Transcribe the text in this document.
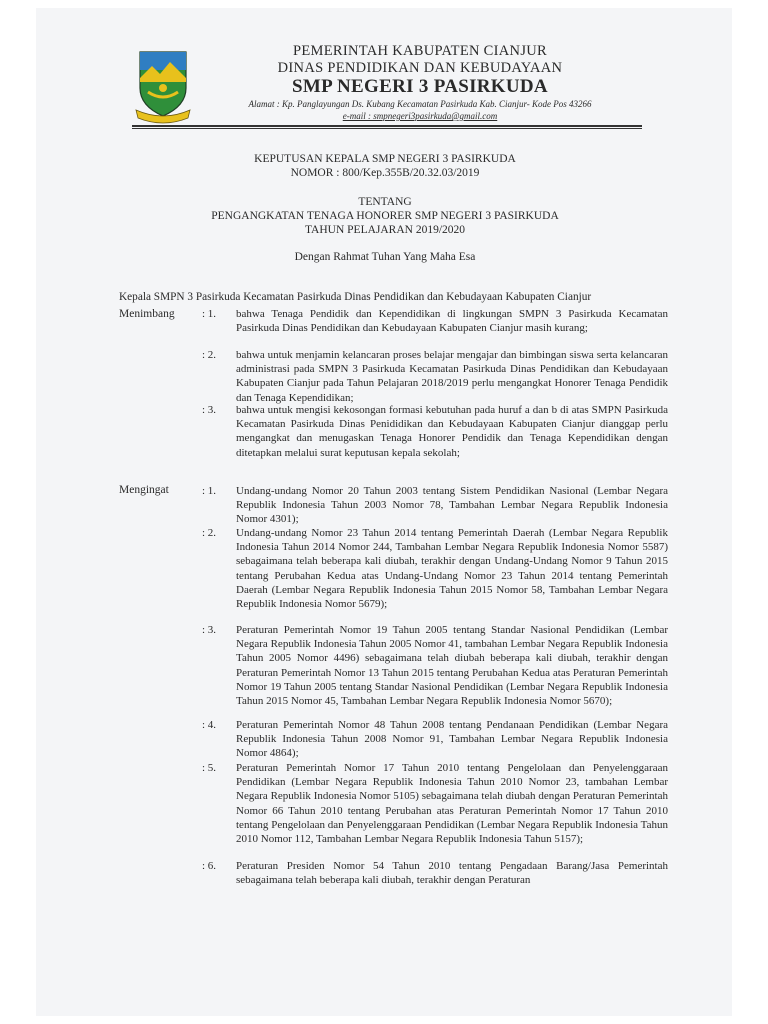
PEMERINTAH KABUPATEN CIANJUR
DINAS PENDIDIKAN DAN KEBUDAYAAN
SMP NEGERI 3 PASIRKUDA
Alamat : Kp. Panglayungan Ds. Kubang Kecamatan Pasirkuda Kab. Cianjur- Kode Pos 43266
e-mail : smpnegeri3pasirkuda@gmail.com
KEPUTUSAN KEPALA SMP NEGERI 3 PASIRKUDA
NOMOR : 800/Kep.355B/20.32.03/2019
TENTANG
PENGANGKATAN TENAGA HONORER SMP NEGERI 3 PASIRKUDA
TAHUN PELAJARAN 2019/2020
Dengan Rahmat Tuhan Yang Maha Esa
Kepala SMPN 3 Pasirkuda Kecamatan Pasirkuda Dinas Pendidikan dan Kebudayaan Kabupaten Cianjur
Menimbang : 1. bahwa Tenaga Pendidik dan Kependidikan di lingkungan SMPN 3 Pasirkuda Kecamatan Pasirkuda Dinas Pendidikan dan Kebudayaan Kabupaten Cianjur masih kurang;

: 2. bahwa untuk menjamin kelancaran proses belajar mengajar dan bimbingan siswa serta kelancaran administrasi pada SMPN 3 Pasirkuda Kecamatan Pasirkuda Dinas Pendidikan dan Kebudayaan Kabupaten Cianjur pada Tahun Pelajaran 2018/2019 perlu mengangkat Honorer Tenaga Pendidik dan Tenaga Kependidikan;

: 3. bahwa untuk mengisi kekosongan formasi kebutuhan pada huruf a dan b di atas SMPN Pasirkuda Kecamatan Pasirkuda Dinas Penididikan dan Kebudayaan Kabupaten Cianjur dianggap perlu mengangkat dan menugaskan Tenaga Honorer Pendidik dan Tenaga Kependidikan dengan ditetapkan melalui surat keputusan kepala sekolah;

Mengingat	: 1. Undang-undang Nomor 20 Tahun 2003 tentang Sistem Pendidikan Nasional (Lembar Negara Republik Indonesia Tahun 2003 Nomor 78, Tambahan Lembar Negara Republik Indonesia Nomor 4301);

: 2. Undang-undang Nomor 23 Tahun 2014 tentang Pemerintah Daerah (Lembar Negara Republik Indonesia Tahun 2014 Nomor 244, Tambahan Lembar Negara Republik Indonesia Nomor 5587) sebagaimana telah beberapa kali diubah, terakhir dengan Undang-Undang Nomor 9 Tahun 2015 tentang Perubahan Kedua atas Undang-Undang Nomor 23 Tahun 2014 tentang Pemerintah Daerah (Lembar Negara Republik Indonesia Tahun 2015 Nomor 58, Tambahan Lembar Negara Republik Indonesia Nomor 5679);

: 3. Peraturan Pemerintah Nomor 19 Tahun 2005 tentang Standar Nasional Pendidikan (Lembar Negara Republik Indonesia Tahun 2005 Nomor 41, tambahan Lembar Negara Republik Indonesia Tahun 2005 Nomor 4496) sebagaimana telah diubah beberapa kali diubah, terakhir dengan Peraturan Pemerintah Nomor 13 Tahun 2015 tentang Perubahan Kedua atas Peraturan Pemerintah Nomor 19 Tahun 2005 tentang Standar Nasional Pendidikan (Lembar Negara Republik Indonesia Tahun 2015 Nomor 45, Tambahan Lembar Negara Republik Indonesia Nomor 5670);

: 4. Peraturan Pemerintah Nomor 48 Tahun 2008 tentang Pendanaan Pendidikan (Lembar Negara Republik Indonesia Tahun 2008 Nomor 91, Tambahan Lembar Negara Republik Indonesia Nomor 4864);

: 5. Peraturan Pemerintah Nomor 17 Tahun 2010 tentang Pengelolaan dan Penyelenggaraan Pendidikan (Lembar Negara Republik Indonesia Tahun 2010 Nomor 23, tambahan Lembar Negara Republik Indonesia Nomor 5105) sebagaimana telah diubah dengan Peraturan Pemerintah Nomor 66 Tahun 2010 tentang Perubahan atas Peraturan Pemerintah Nomor 17 Tahun 2010 tentang Pengelolaan dan Penyelenggaraan Pendidikan (Lembar Negara Republik Indonesia Tahun 2010 Nomor 112, Tambahan Lembar Negara Republik Indonesia Tahun 5157);

: 6. Peraturan Presiden Nomor 54 Tahun 2010 tentang Pengadaan Barang/Jasa Pemerintah sebagaimana telah beberapa kali diubah, terakhir dengan Peraturan
